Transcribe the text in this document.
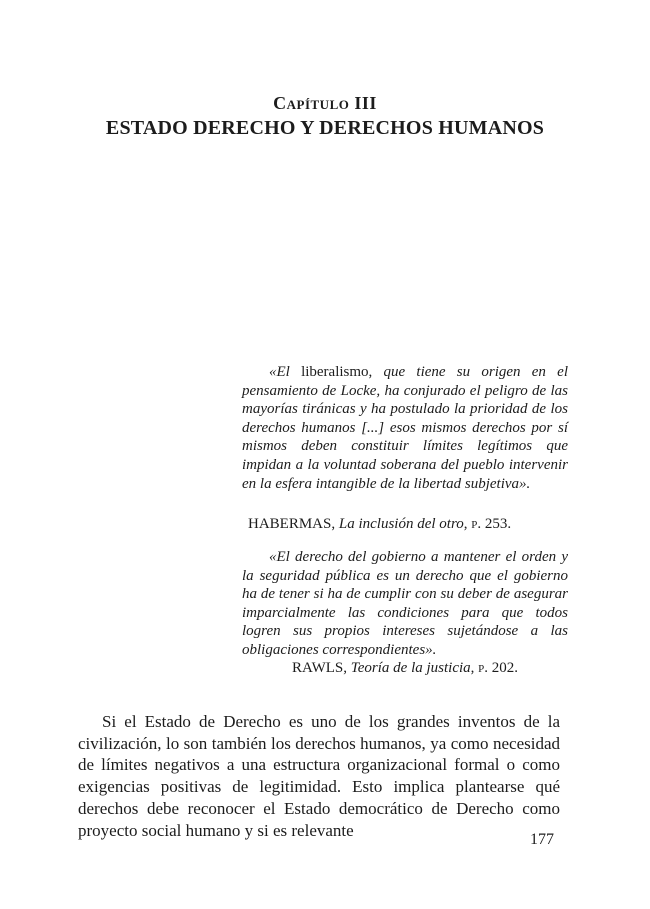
Capítulo III
ESTADO DERECHO Y DERECHOS HUMANOS

«El liberalismo, que tiene su origen en el pensamiento de Locke, ha conjurado el peligro de las mayorías tiránicas y ha postulado la prioridad de los derechos humanos [...] esos mismos derechos por sí mismos deben constituir límites legítimos que impidan a la voluntad soberana del pueblo intervenir en la esfera intangible de la libertad subjetiva».

HABERMAS, La inclusión del otro, p. 253.

«El derecho del gobierno a mantener el orden y la seguridad pública es un derecho que el gobierno ha de tener si ha de cumplir con su deber de asegurar imparcialmente las condiciones para que todos logren sus propios intereses sujetándose a las obligaciones correspondientes».

RAWLS, Teoría de la justicia, p. 202.

Si el Estado de Derecho es uno de los grandes inventos de la civilización, lo son también los derechos humanos, ya como necesidad de límites negativos a una estructura organizacional formal o como exigencias positivas de legitimidad. Esto implica plantearse qué derechos debe reconocer el Estado democrático de Derecho como proyecto social humano y si es relevante	177
